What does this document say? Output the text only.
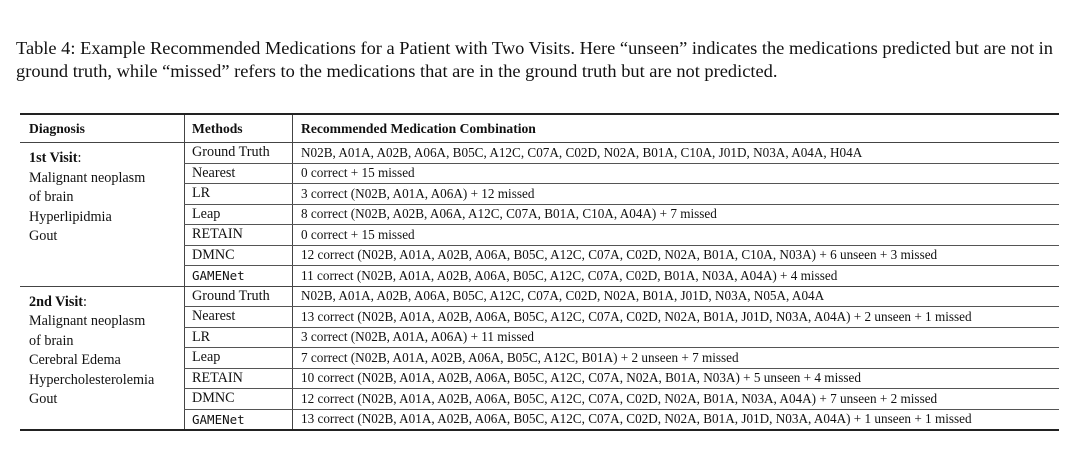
Table 4: Example Recommended Medications for a Patient with Two Visits. Here “unseen” indicates the medications predicted but are not in ground truth, while “missed” refers to the medications that are in the ground truth but are not predicted.
Diagnosis	Methods	Recommended Medication Combination
1st Visit:
Malignant neoplasm
of brain
Hyperlipidmia
Gout
Ground Truth	N02B, A01A, A02B, A06A, B05C, A12C, C07A, C02D, N02A, B01A, C10A, J01D, N03A, A04A, H04A
Nearest	0 correct + 15 missed
LR	3 correct (N02B, A01A, A06A) + 12 missed
Leap	8 correct (N02B, A02B, A06A, A12C, C07A, B01A, C10A, A04A) + 7 missed
RETAIN	0 correct + 15 missed
DMNC	12 correct (N02B, A01A, A02B, A06A, B05C, A12C, C07A, C02D, N02A, B01A, C10A, N03A) + 6 unseen + 3 missed
GAMENet	11 correct (N02B, A01A, A02B, A06A, B05C, A12C, C07A, C02D, B01A, N03A, A04A) + 4 missed
2nd Visit:
Malignant neoplasm
of brain
Cerebral Edema
Hypercholesterolemia
Gout
Ground Truth	N02B, A01A, A02B, A06A, B05C, A12C, C07A, C02D, N02A, B01A, J01D, N03A, N05A, A04A
Nearest	13 correct (N02B, A01A, A02B, A06A, B05C, A12C, C07A, C02D, N02A, B01A, J01D, N03A, A04A) + 2 unseen + 1 missed
LR	3 correct (N02B, A01A, A06A) + 11 missed
Leap	7 correct (N02B, A01A, A02B, A06A, B05C, A12C, B01A) + 2 unseen + 7 missed
RETAIN	10 correct (N02B, A01A, A02B, A06A, B05C, A12C, C07A, N02A, B01A, N03A) + 5 unseen + 4 missed
DMNC	12 correct (N02B, A01A, A02B, A06A, B05C, A12C, C07A, C02D, N02A, B01A, N03A, A04A) + 7 unseen + 2 missed
GAMENet	13 correct (N02B, A01A, A02B, A06A, B05C, A12C, C07A, C02D, N02A, B01A, J01D, N03A, A04A) + 1 unseen + 1 missed
